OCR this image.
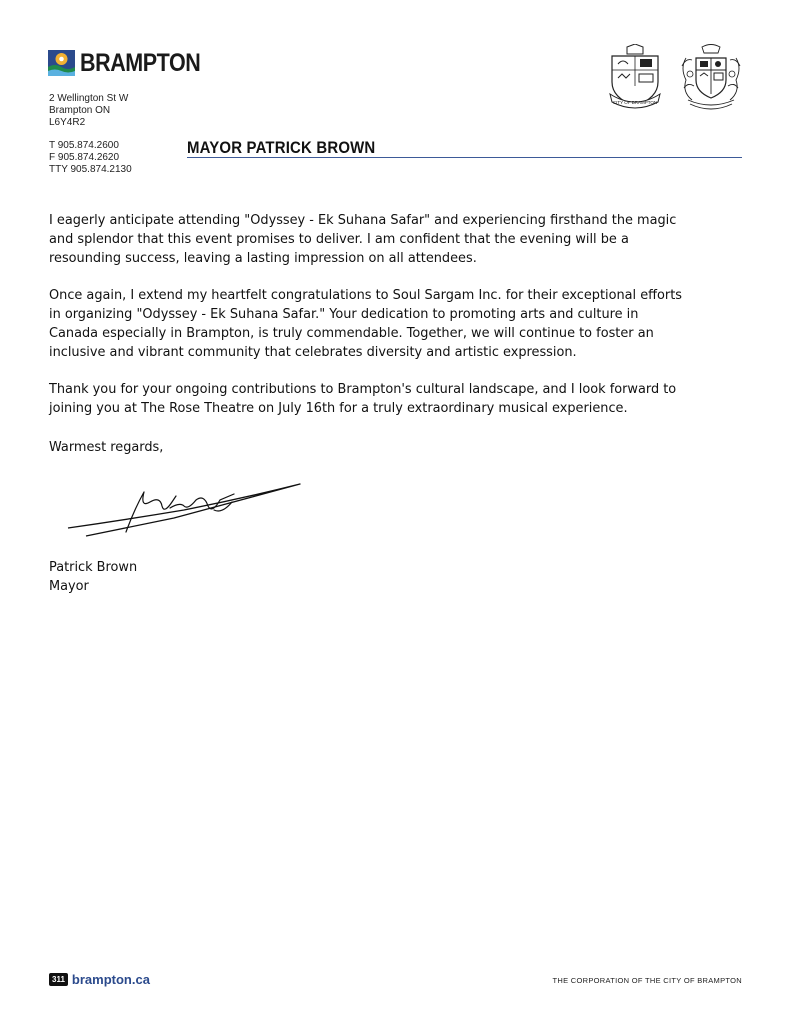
BRAMPTON
2 Wellington St W
Brampton ON
L6Y4R2
T 905.874.2600
F 905.874.2620
TTY 905.874.2130
MAYOR PATRICK BROWN
CITY OF BRAMPTON

I eagerly anticipate attending "Odyssey - Ek Suhana Safar" and experiencing firsthand the magic and splendor that this event promises to deliver. I am confident that the evening will be a resounding success, leaving a lasting impression on all attendees.

Once again, I extend my heartfelt congratulations to Soul Sargam Inc. for their exceptional efforts in organizing "Odyssey - Ek Suhana Safar." Your dedication to promoting arts and culture in Canada especially in Brampton, is truly commendable. Together, we will continue to foster an inclusive and vibrant community that celebrates diversity and artistic expression.

Thank you for your ongoing contributions to Brampton's cultural landscape, and I look forward to joining you at The Rose Theatre on July 16th for a truly extraordinary musical experience.

Warmest regards,
Patrick Brown
Mayor
311 brampton.ca	THE CORPORATION OF THE CITY OF BRAMPTON
